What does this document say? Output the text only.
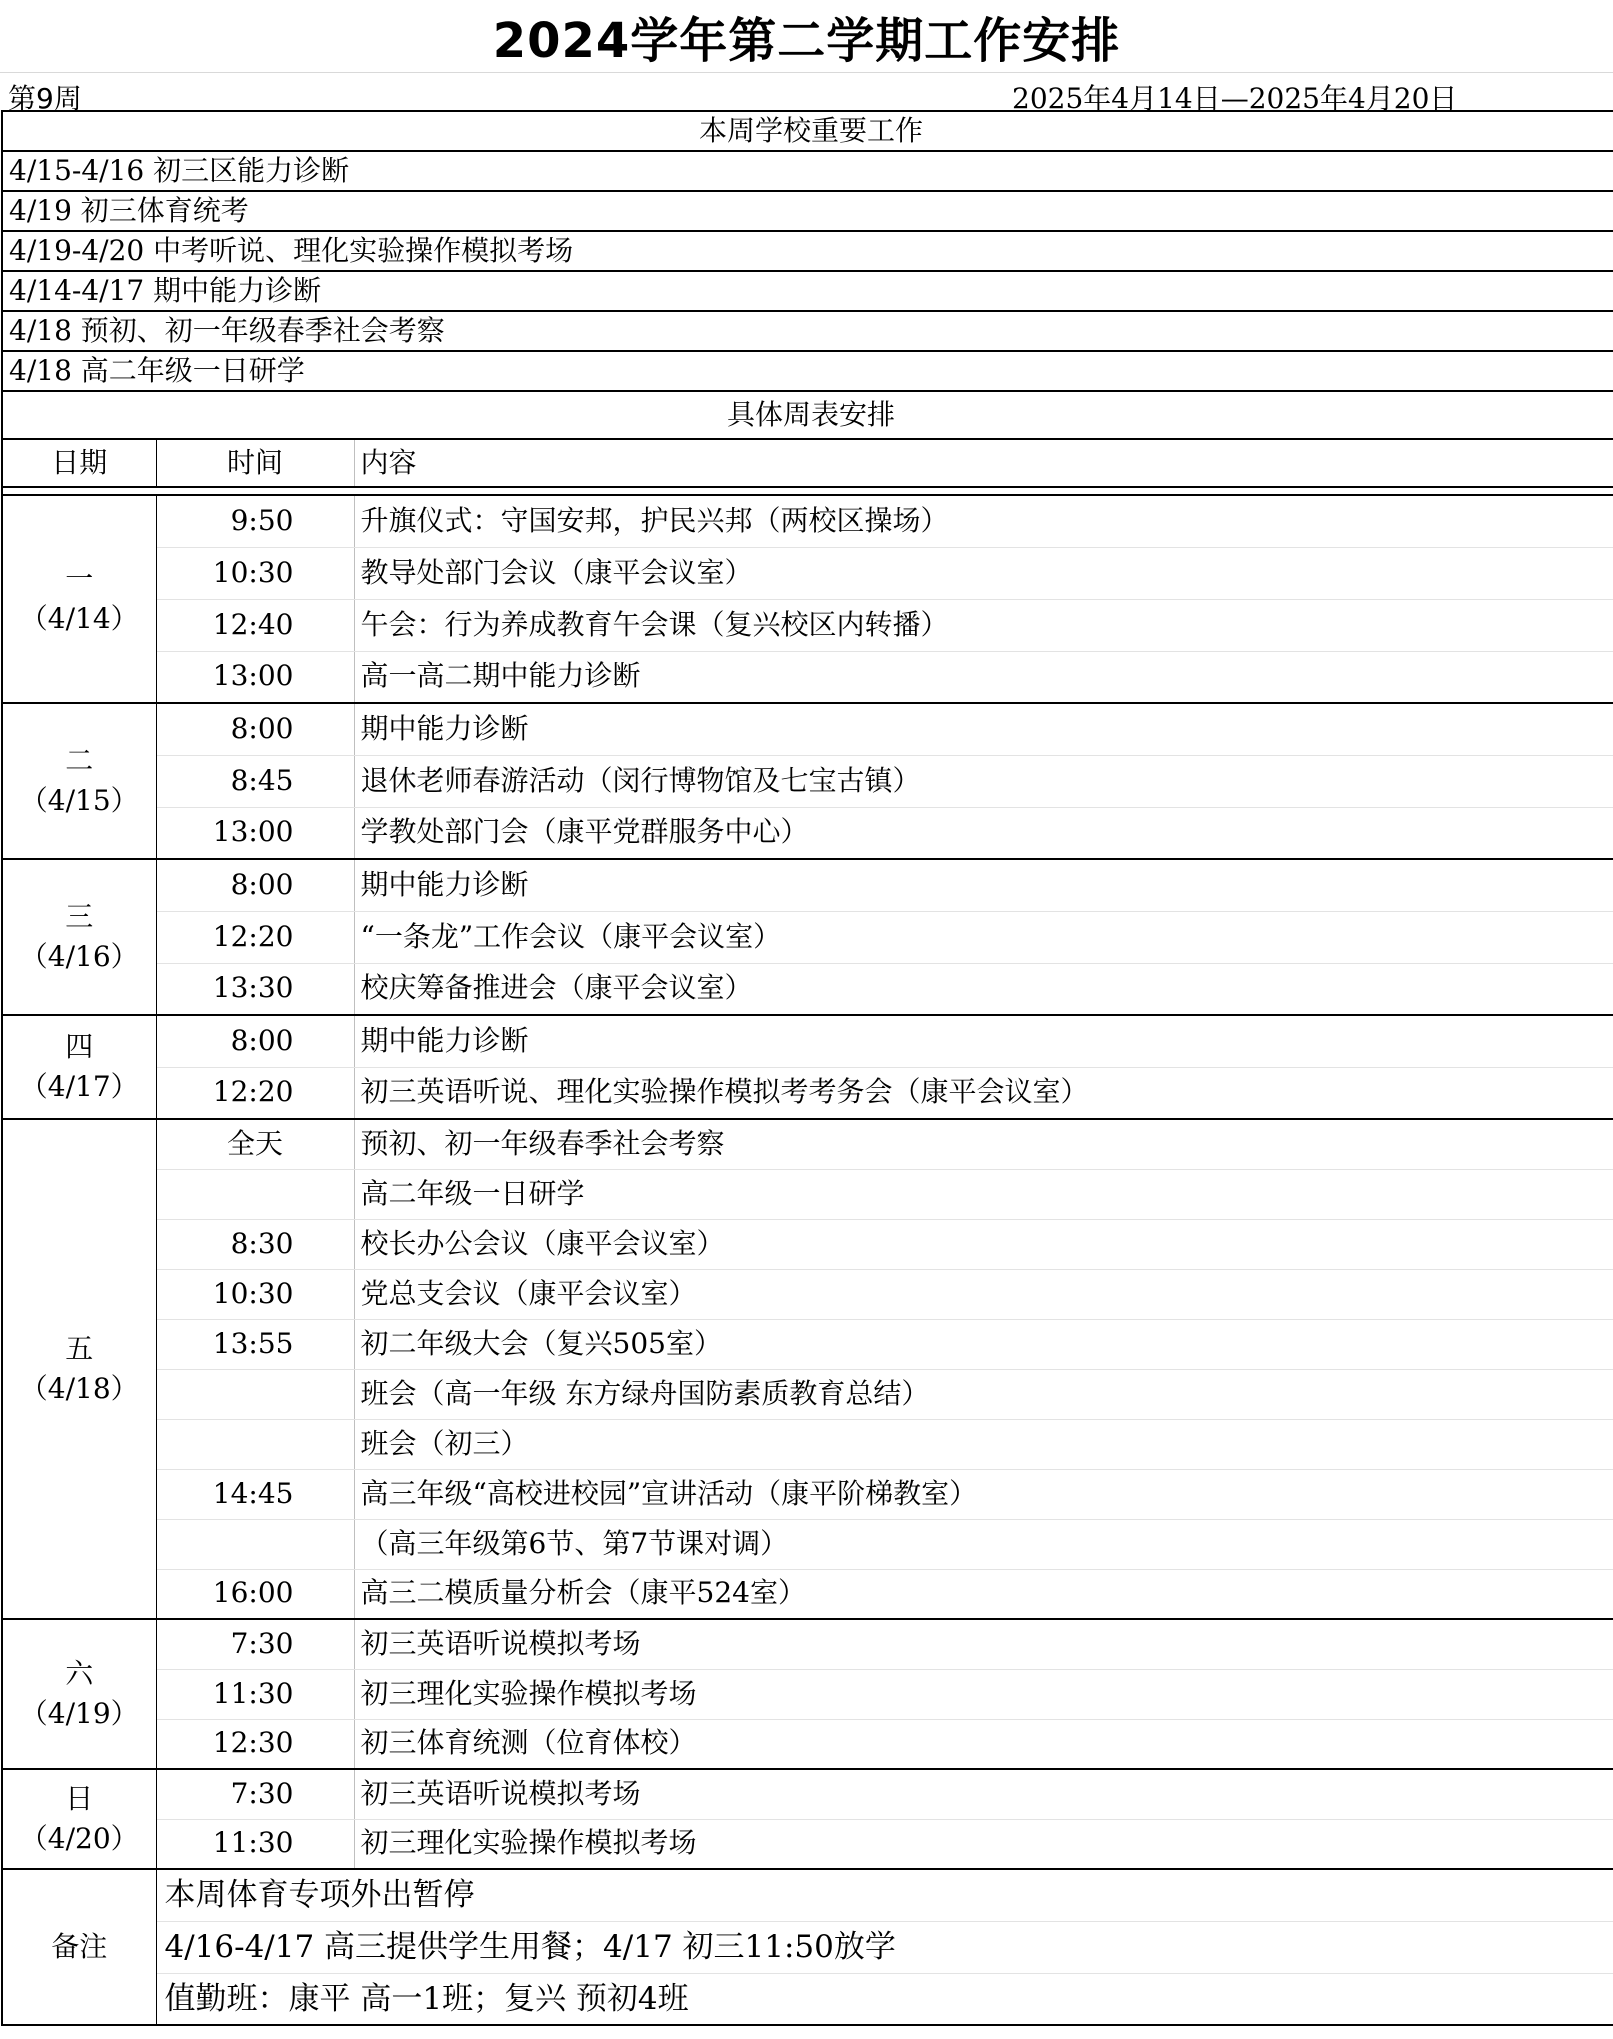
2024学年第二学期工作安排
第9周	2025年4月14日—2025年4月20日
本周学校重要工作		
4/15-4/16 初三区能力诊断		
4/19 初三体育统考		
4/19-4/20 中考听说、理化实验操作模拟考场		
4/14-4/17 期中能力诊断		
4/18 预初、初一年级春季社会考察		
4/18 高二年级一日研学		
具体周表安排		
日期	时间	内容

一
（4/14）	9:50	升旗仪式：守国安邦，护民兴邦（两校区操场）
	10:30	教导处部门会议（康平会议室）
	12:40	午会：行为养成教育午会课（复兴校区内转播）
	13:00	高一高二期中能力诊断

二
（4/15）	8:00	期中能力诊断
	8:45	退休老师春游活动（闵行博物馆及七宝古镇）
	13:00	学教处部门会（康平党群服务中心）

三
（4/16）	8:00	期中能力诊断
	12:20	“一条龙”工作会议（康平会议室）
	13:30	校庆筹备推进会（康平会议室）

四
（4/17）	8:00	期中能力诊断
	12:20	初三英语听说、理化实验操作模拟考考务会（康平会议室）

五
（4/18）	全天	预初、初一年级春季社会考察
		高二年级一日研学
	8:30	校长办公会议（康平会议室）
	10:30	党总支会议（康平会议室）
	13:55	初二年级大会（复兴505室）
		班会（高一年级 东方绿舟国防素质教育总结）
		班会（初三）
	14:45	高三年级“高校进校园”宣讲活动（康平阶梯教室）
		（高三年级第6节、第7节课对调）
	16:00	高三二模质量分析会（康平524室）

六
（4/19）	7:30	初三英语听说模拟考场
	11:30	初三理化实验操作模拟考场
	12:30	初三体育统测（位育体校）

日
（4/20）	7:30	初三英语听说模拟考场
	11:30	初三理化实验操作模拟考场
备注	本周体育专项外出暂停	
	4/16-4/17 高三提供学生用餐；4/17 初三11:50放学	
	值勤班：康平 高一1班；复兴 预初4班	
